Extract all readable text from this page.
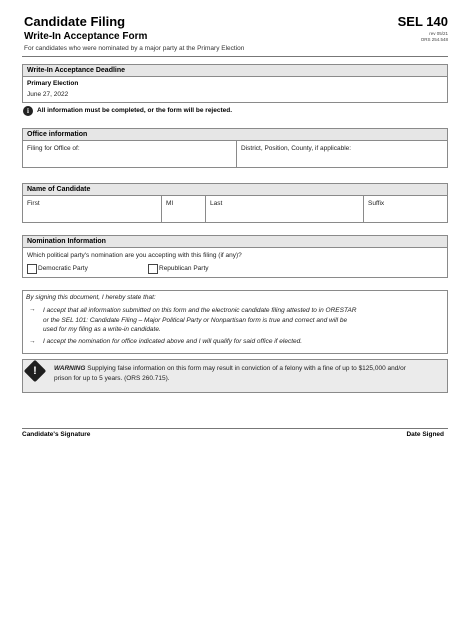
Candidate Filing
Write-In Acceptance Form
For candidates who were nominated by a major party at the Primary Election
SEL 140
rev 05/21
ORS 254.548
Write-In Acceptance Deadline
Primary Election
June 27, 2022
i	All information must be completed, or the form will be rejected.
Office information
Filing for Office of:	District, Position, County, if applicable:
Name of Candidate
First	MI	Last	Suffix
Nomination Information
Which political party's nomination are you accepting with this filing (if any)?
Democratic Party	Republican Party
By signing this document, I hereby state that:
→ I accept that all information submitted on this form and the electronic candidate filing attested to in ORESTAR
or the SEL 101: Candidate Filing – Major Political Party or Nonpartisan form is true and correct and will be
used for my filing as a write-in candidate.
→ I accept the nomination for office indicated above and I will qualify for said office if elected.
WARNING Supplying false information on this form may result in conviction of a felony with a fine of up to $125,000 and/or
prison for up to 5 years. (ORS 260.715).
!
Candidate's Signature	Date Signed
